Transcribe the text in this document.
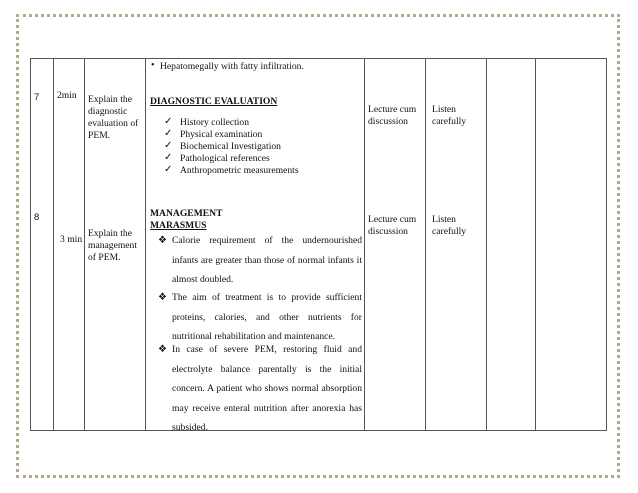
7 2min Explain the
diagnostic
evaluation of
PEM.
Lecture cum
discussion
Listen
carefully
8
3 min
Explain the
management
of PEM.
Lecture cum
discussion
Listen
carefully
• Hepatomegally with fatty infiltration.
DIAGNOSTIC EVALUATION
✓ History collection
✓ Physical examination
✓ Biochemical Investigation
✓ Pathological references
✓ Anthropometric measurements
MANAGEMENT
MARASMUS
❖ Calorie requirement of the undernourished infants are greater than those of normal infants it almost doubled.
❖ The aim of treatment is to provide sufficient proteins, calories, and other nutrients for nutritional rehabilitation and maintenance.
❖ In case of severe PEM, restoring fluid and electrolyte balance parentally is the initial concern. A patient who shows normal absorption may receive enteral nutrition after anorexia has subsided.
